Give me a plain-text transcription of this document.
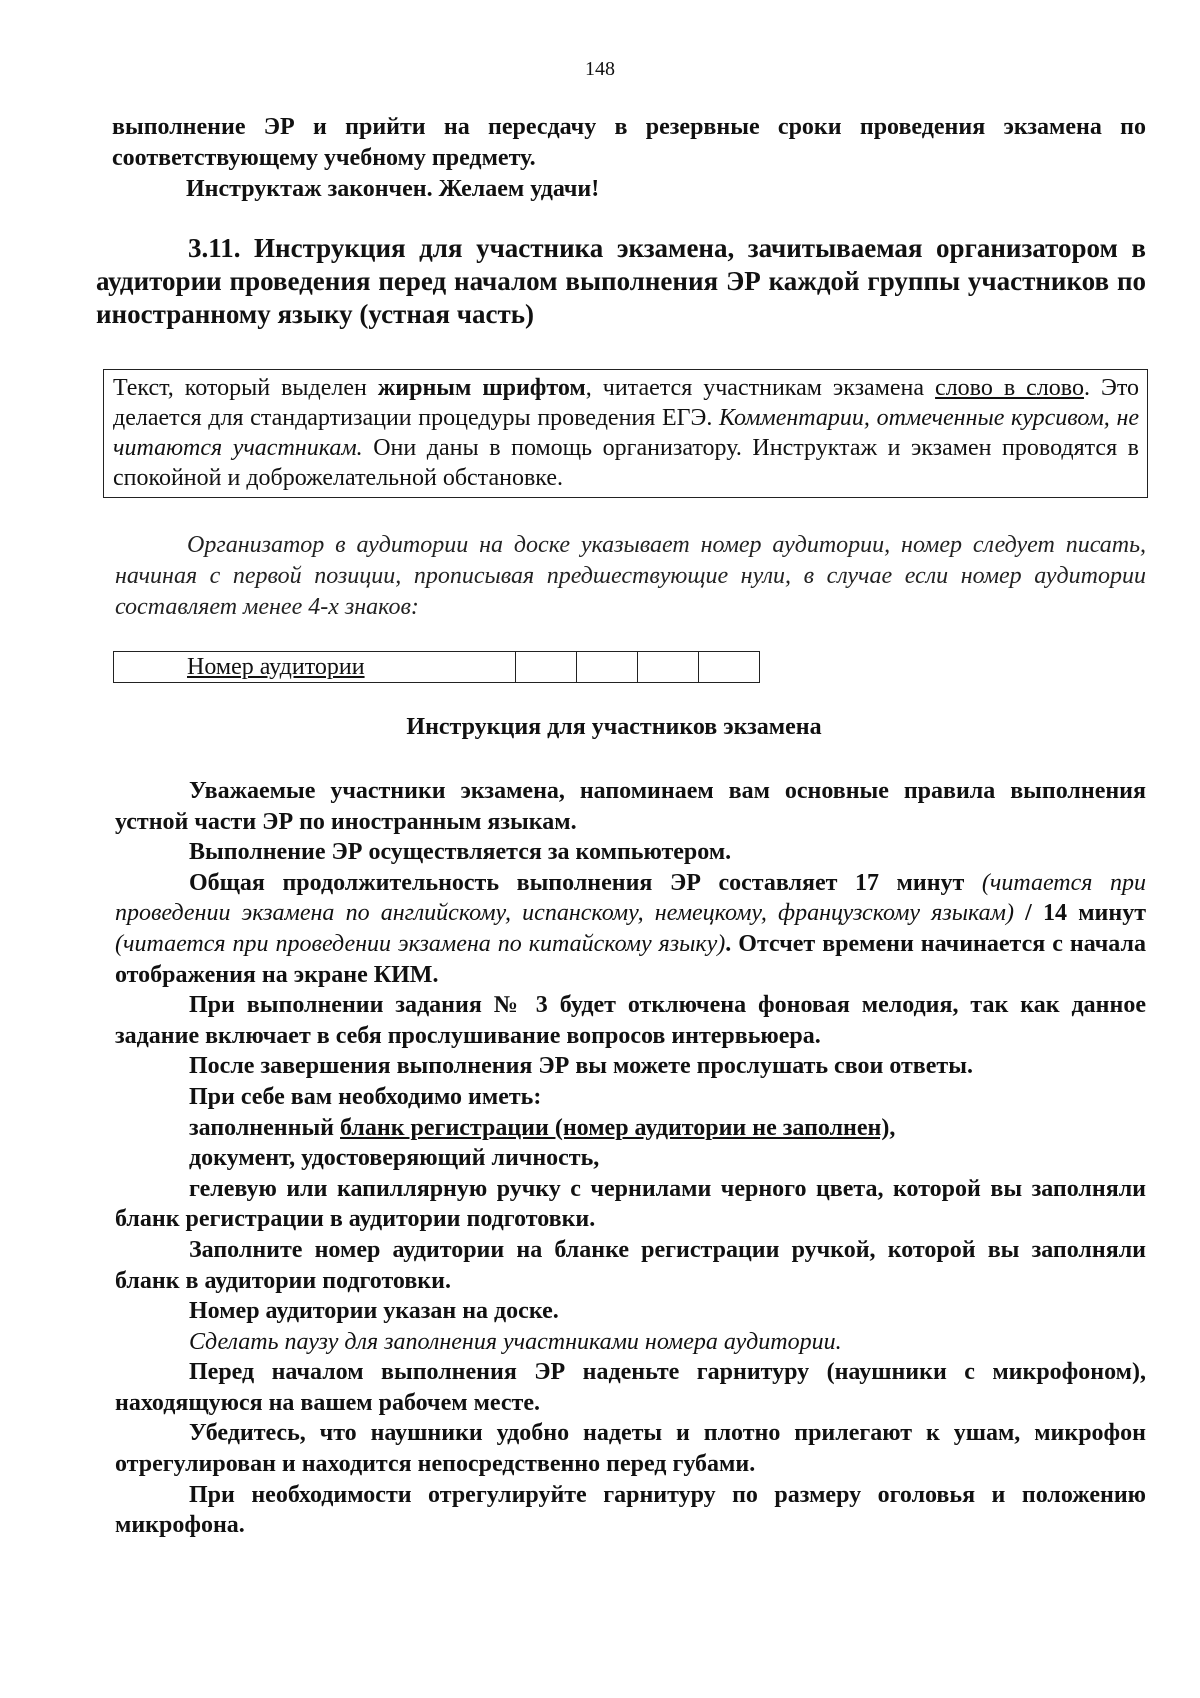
148

выполнение ЭР и прийти на пересдачу в резервные сроки проведения экзамена по соответствующему учебному предмету.

Инструктаж закончен. Желаем удачи!

3.11. Инструкция для участника экзамена, зачитываемая организатором в аудитории проведения перед началом выполнения ЭР каждой группы участников по иностранному языку (устная часть)
Текст, который выделен жирным шрифтом, читается участникам экзамена слово в слово. Это делается для стандартизации процедуры проведения ЕГЭ. Комментарии, отмеченные курсивом, не читаются участникам. Они даны в помощь организатору. Инструктаж и экзамен проводятся в спокойной и доброжелательной обстановке.

Организатор в аудитории на доске указывает номер аудитории, номер следует писать, начиная с первой позиции, прописывая предшествующие нули, в случае если номер аудитории составляет менее 4-х знаков:

Номер аудитории				
Инструкция для участников экзамена

Уважаемые участники экзамена, напоминаем вам основные правила выполнения устной части ЭР по иностранным языкам.

Выполнение ЭР осуществляется за компьютером.

Общая продолжительность выполнения ЭР составляет 17 минут (читается при проведении экзамена по английскому, испанскому, немецкому, французскому языкам) / 14 минут (читается при проведении экзамена по китайскому языку). Отсчет времени начинается с начала отображения на экране КИМ.

При выполнении задания № 3 будет отключена фоновая мелодия, так как данное задание включает в себя прослушивание вопросов интервьюера.

После завершения выполнения ЭР вы можете прослушать свои ответы.

При себе вам необходимо иметь:

заполненный бланк регистрации (номер аудитории не заполнен),

документ, удостоверяющий личность,

гелевую или капиллярную ручку с чернилами черного цвета, которой вы заполняли бланк регистрации в аудитории подготовки.

Заполните номер аудитории на бланке регистрации ручкой, которой вы заполняли бланк в аудитории подготовки.

Номер аудитории указан на доске.

Сделать паузу для заполнения участниками номера аудитории.

Перед началом выполнения ЭР наденьте гарнитуру (наушники с микрофоном), находящуюся на вашем рабочем месте.

Убедитесь, что наушники удобно надеты и плотно прилегают к ушам, микрофон отрегулирован и находится непосредственно перед губами.

При необходимости отрегулируйте гарнитуру по размеру оголовья и положению микрофона.
